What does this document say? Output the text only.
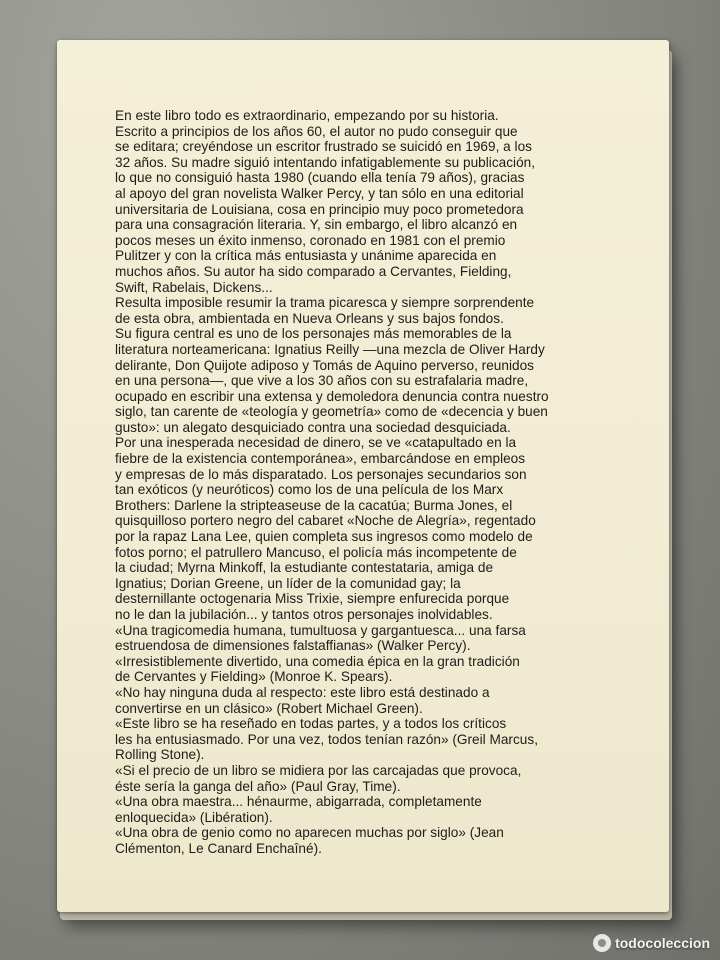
En este libro todo es extraordinario, empezando por su historia.
Escrito a principios de los años 60, el autor no pudo conseguir que
se editara; creyéndose un escritor frustrado se suicidó en 1969, a los
32 años. Su madre siguió intentando infatigablemente su publicación,
lo que no consiguió hasta 1980 (cuando ella tenía 79 años), gracias
al apoyo del gran novelista Walker Percy, y tan sólo en una editorial
universitaria de Louisiana, cosa en principio muy poco prometedora
para una consagración literaria. Y, sin embargo, el libro alcanzó en
pocos meses un éxito inmenso, coronado en 1981 con el premio
Pulitzer y con la crítica más entusiasta y unánime aparecida en
muchos años. Su autor ha sido comparado a Cervantes, Fielding,
Swift, Rabelais, Dickens...
Resulta imposible resumir la trama picaresca y siempre sorprendente
de esta obra, ambientada en Nueva Orleans y sus bajos fondos.
Su figura central es uno de los personajes más memorables de la
literatura norteamericana: Ignatius Reilly —una mezcla de Oliver Hardy
delirante, Don Quijote adiposo y Tomás de Aquino perverso, reunidos
en una persona—, que vive a los 30 años con su estrafalaria madre,
ocupado en escribir una extensa y demoledora denuncia contra nuestro
siglo, tan carente de «teología y geometría» como de «decencia y buen
gusto»: un alegato desquiciado contra una sociedad desquiciada.
Por una inesperada necesidad de dinero, se ve «catapultado en la
fiebre de la existencia contemporánea», embarcándose en empleos
y empresas de lo más disparatado. Los personajes secundarios son
tan exóticos (y neuróticos) como los de una película de los Marx
Brothers: Darlene la stripteaseuse de la cacatúa; Burma Jones, el
quisquilloso portero negro del cabaret «Noche de Alegría», regentado
por la rapaz Lana Lee, quien completa sus ingresos como modelo de
fotos porno; el patrullero Mancuso, el policía más incompetente de
la ciudad; Myrna Minkoff, la estudiante contestataria, amiga de
Ignatius; Dorian Greene, un líder de la comunidad gay; la
desternillante octogenaria Miss Trixie, siempre enfurecida porque
no le dan la jubilación... y tantos otros personajes inolvidables.
«Una tragicomedia humana, tumultuosa y gargantuesca... una farsa
estruendosa de dimensiones falstaffianas» (Walker Percy).
«Irresistiblemente divertido, una comedia épica en la gran tradición
de Cervantes y Fielding» (Monroe K. Spears).
«No hay ninguna duda al respecto: este libro está destinado a
convertirse en un clásico» (Robert Michael Green).
«Este libro se ha reseñado en todas partes, y a todos los críticos
les ha entusiasmado. Por una vez, todos tenían razón» (Greil Marcus,
Rolling Stone).
«Si el precio de un libro se midiera por las carcajadas que provoca,
éste sería la ganga del año» (Paul Gray, Time).
«Una obra maestra... hénaurme, abigarrada, completamente
enloquecida» (Libération).
«Una obra de genio como no aparecen muchas por siglo» (Jean
Clémenton, Le Canard Enchaîné).
todocoleccion
